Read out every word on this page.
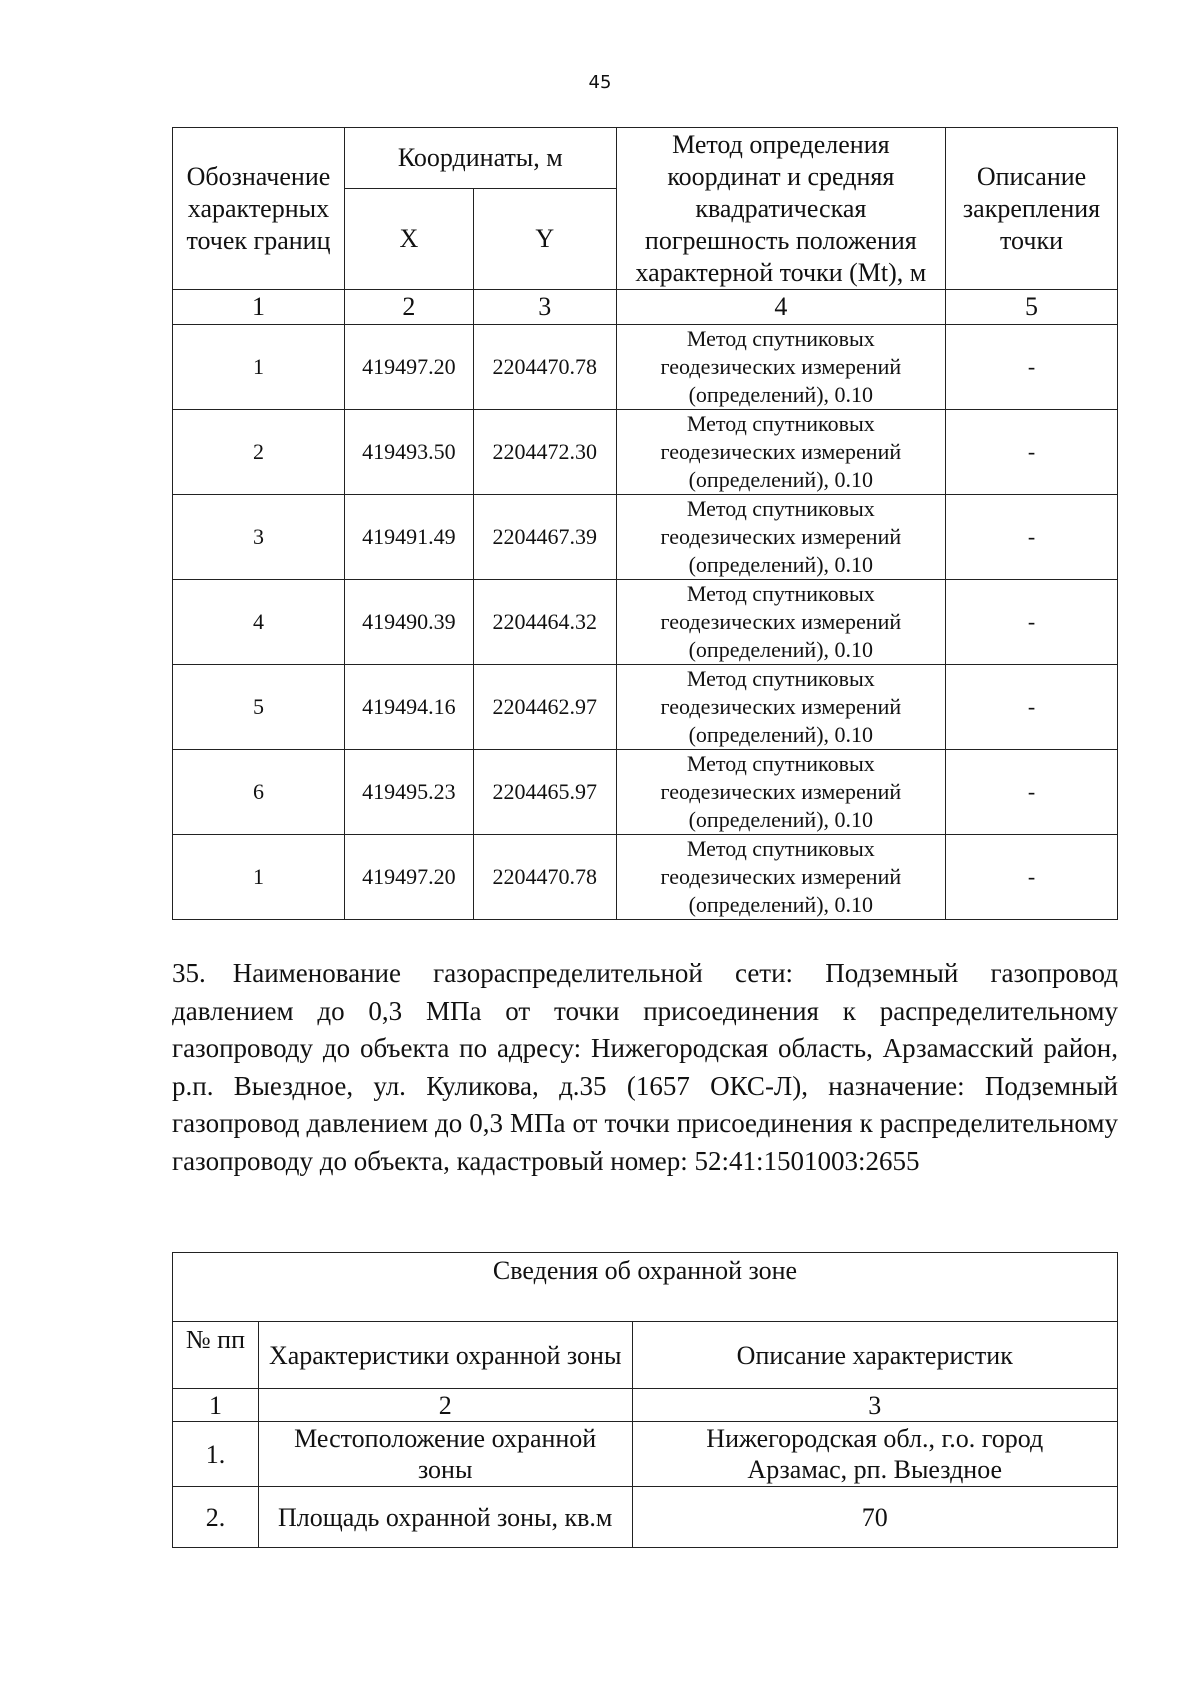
45
Обозначение характерных точек границ	Координаты, м		Метод определения координат и средняя квадратическая погрешность положения характерной точки (Mt), м	Описание закрепления точки
	X	Y		
1	2	3	4	5
1	419497.20	2204470.78	Метод спутниковых геодезических измерений (определений), 0.10	-
2	419493.50	2204472.30	Метод спутниковых геодезических измерений (определений), 0.10	-
3	419491.49	2204467.39	Метод спутниковых геодезических измерений (определений), 0.10	-
4	419490.39	2204464.32	Метод спутниковых геодезических измерений (определений), 0.10	-
5	419494.16	2204462.97	Метод спутниковых геодезических измерений (определений), 0.10	-
6	419495.23	2204465.97	Метод спутниковых геодезических измерений (определений), 0.10	-
1	419497.20	2204470.78	Метод спутниковых геодезических измерений (определений), 0.10	-

35. Наименование газораспределительной сети: Подземный газопровод давлением до 0,3 МПа от точки присоединения к распределительному газопроводу до объекта по адресу: Нижегородская область, Арзамасский район, р.п. Выездное, ул. Куликова, д.35 (1657 ОКС-Л), назначение: Подземный газопровод давлением до 0,3 МПа от точки присоединения к распределительному газопроводу до объекта, кадастровый номер: 52:41:1501003:2655

Сведения об охранной зоне		
№ пп	Характеристики охранной зоны	Описание характеристик
1	2	3
1.	Местоположение охранной зоны	Нижегородская обл., г.о. город Арзамас, рп. Выездное
2.	Площадь охранной зоны, кв.м	70
